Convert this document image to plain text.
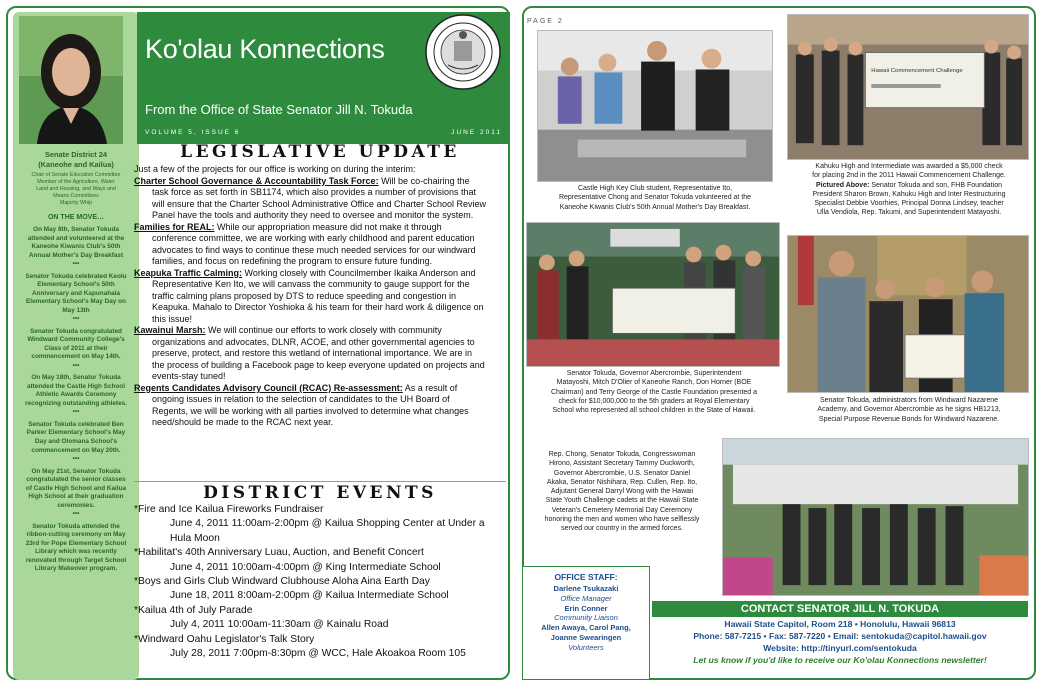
Senate District 24

(Kaneohe and Kailua)

Chair of Senate Education Committee

Member of the Agriculture, Water

Land and Housing, and Ways and

Means Committees

Majority Whip

ON THE MOVE…

On May 8th, Senator Tokuda

attended and volunteered at the

Kaneohe Kiwanis Club's 50th

Annual Mother's Day Breakfast

•••

Senator Tokuda celebrated Keolu

Elementary School's 50th

Anniversary and Kapunahala

Elementary School's May Day on

May 13th

•••

Senator Tokuda congratulated

Windward Community College's

Class of 2011 at their

commencement on May 14th.

•••

On May 18th, Senator Tokuda

attended the Castle High School

Athletic Awards Ceremony

recognizing outstanding athletes.

•••

Senator Tokuda celebrated Ben

Parker Elementary School's May

Day and Olomana School's

commencement on May 20th.

•••

On May 21st, Senator Tokuda

congratulated the senior classes

of Castle High School and Kailua

High School at their graduation

ceremonies.

•••

Senator Tokuda attended the

ribbon-cutting ceremony on May

23rd for Pope Elementary School

Library which was recently

renovated through Target School

Library Makeover program.

Ko'olau Konnections
From the Office of State Senator Jill N. Tokuda
VOLUME 5, ISSUE 6	JUNE 2011
LEGISLATIVE UPDATE
Just a few of the projects for our office is working on during the interim:
Charter School Governance & Accountability Task Force: Will be co-chairing the
task force as set forth in SB1174, which also provides a number of provisions that
will ensure that the Charter School Administrative Office and Charter School Review
Panel have the tools and authority they need to oversee and monitor the system.
Families for REAL: While our appropriation measure did not make it through
conference committee, we are working with early childhood and parent education
advocates to find ways to continue these much needed services for our windward
families, and focus on redefining the program to ensure future funding.
Keapuka Traffic Calming: Working closely with Councilmember Ikaika Anderson and
Representative Ken Ito, we will canvass the community to gauge support for the
traffic calming plans proposed by DTS to reduce speeding and congestion in
Keapuka. Mahalo to Director Yoshioka & his team for their hard work & diligence on
this issue!
Kawainui Marsh: We will continue our efforts to work closely with community
organizations and advocates, DLNR, ACOE, and other governmental agencies to
preserve, protect, and restore this wetland of international importance. We are in
the process of building a Facebook page to keep everyone updated on projects and
events-stay tuned!
Regents Candidates Advisory Council (RCAC) Re-assessment: As a result of
ongoing issues in relation to the selection of candidates to the UH Board of
Regents, we will be working with all parties involved to determine what changes
need/should be made to the RCAC next year.
DISTRICT EVENTS
*Fire and Ice Kailua Fireworks Fundraiser
June 4, 2011 11:00am-2:00pm @ Kailua Shopping Center at Under a
Hula Moon
*Habilitat's 40th Anniversary Luau, Auction, and Benefit Concert
June 4, 2011 10:00am-4:00pm @ King Intermediate School
*Boys and Girls Club Windward Clubhouse Aloha Aina Earth Day
June 18, 2011 8:00am-2:00pm @ Kailua Intermediate School
*Kailua 4th of July Parade
July 4, 2011 10:00am-11:30am @ Kainalu Road
*Windward Oahu Legislator's Talk Story
July 28, 2011 7:00pm-8:30pm @ WCC, Hale Akoakoa Room 105
PAGE 2
Castle High Key Club student, Representative Ito,
Representative Chong and Senator Tokuda volunteered at the
Kaneohe Kiwanis Club's 50th Annual Mother's Day Breakfast.
Hawaii Commencement Challenge
Kahuku High and Intermediate was awarded a $5,000 check
for placing 2nd in the 2011 Hawaii Commencement Challenge.
Pictured Above: Senator Tokuda and son, FHB Foundation
President Sharon Brown, Kahuku High and Inter Restructuring
Specialist Debbie Voorhies, Principal Donna Lindsey, teacher
Ulla Vendiola, Rep. Takumi, and Superintendent Matayoshi.
Senator Tokuda, Governor Abercrombie, Superintendent
Matayoshi, Mitch D'Olier of Kaneohe Ranch, Don Horner (BOE
Chairman) and Terry George of the Castle Foundation presented a
check for $10,000,000 to the 5th graders at Royal Elementary
School who represented all school children in the State of Hawaii.
Senator Tokuda, administrators from Windward Nazarene
Academy, and Governor Abercrombie as he signs HB1213,
Special Purpose Revenue Bonds for Windward Nazarene.
Rep. Chong, Senator Tokuda, Congresswoman
Hirono, Assistant Secretary Tammy Duckworth,
Governor Abercrombie, U.S. Senator Daniel
Akaka, Senator Nishihara, Rep. Cullen, Rep. Ito,
Adjutant General Darryl Wong with the Hawaii
State Youth Challenge cadets at the Hawaii State
Veteran's Cemetery Memorial Day Ceremony
honoring the men and women who have selflessly
served our country in the armed forces.
OFFICE STAFF:
Darlene Tsukazaki
Office Manager
Erin Conner
Community Liaison
Allen Awaya, Carol Pang,
Joanne Swearingen
Volunteers
CONTACT SENATOR JILL N. TOKUDA
Hawaii State Capitol, Room 218 • Honolulu, Hawaii 96813
Phone: 587-7215 • Fax: 587-7220 • Email: sentokuda@capitol.hawaii.gov
Website: http://tinyurl.com/sentokuda
Let us know if you'd like to receive our Ko'olau Konnections newsletter!
